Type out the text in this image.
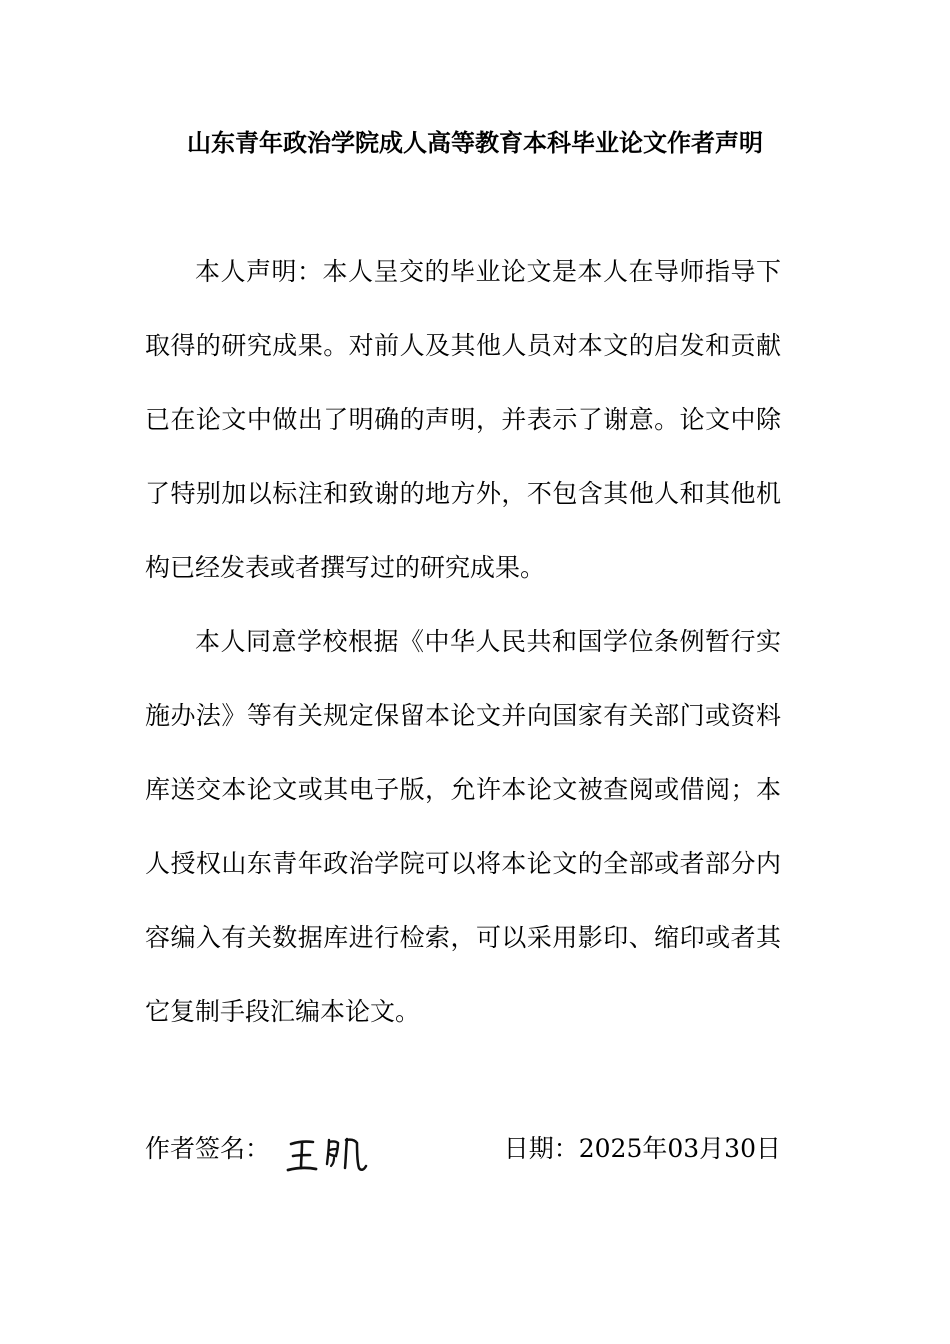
山东青年政治学院成人高等教育本科毕业论文作者声明

本人声明：本人呈交的毕业论文是本人在导师指导下取得的研究成果。对前人及其他人员对本文的启发和贡献已在论文中做出了明确的声明，并表示了谢意。论文中除了特别加以标注和致谢的地方外，不包含其他人和其他机构已经发表或者撰写过的研究成果。

本人同意学校根据《中华人民共和国学位条例暂行实施办法》等有关规定保留本论文并向国家有关部门或资料库送交本论文或其电子版，允许本论文被查阅或借阅；本人授权山东青年政治学院可以将本论文的全部或者部分内容编入有关数据库进行检索，可以采用影印、缩印或者其它复制手段汇编本论文。

作者签名：	日期：2025年03月30日
